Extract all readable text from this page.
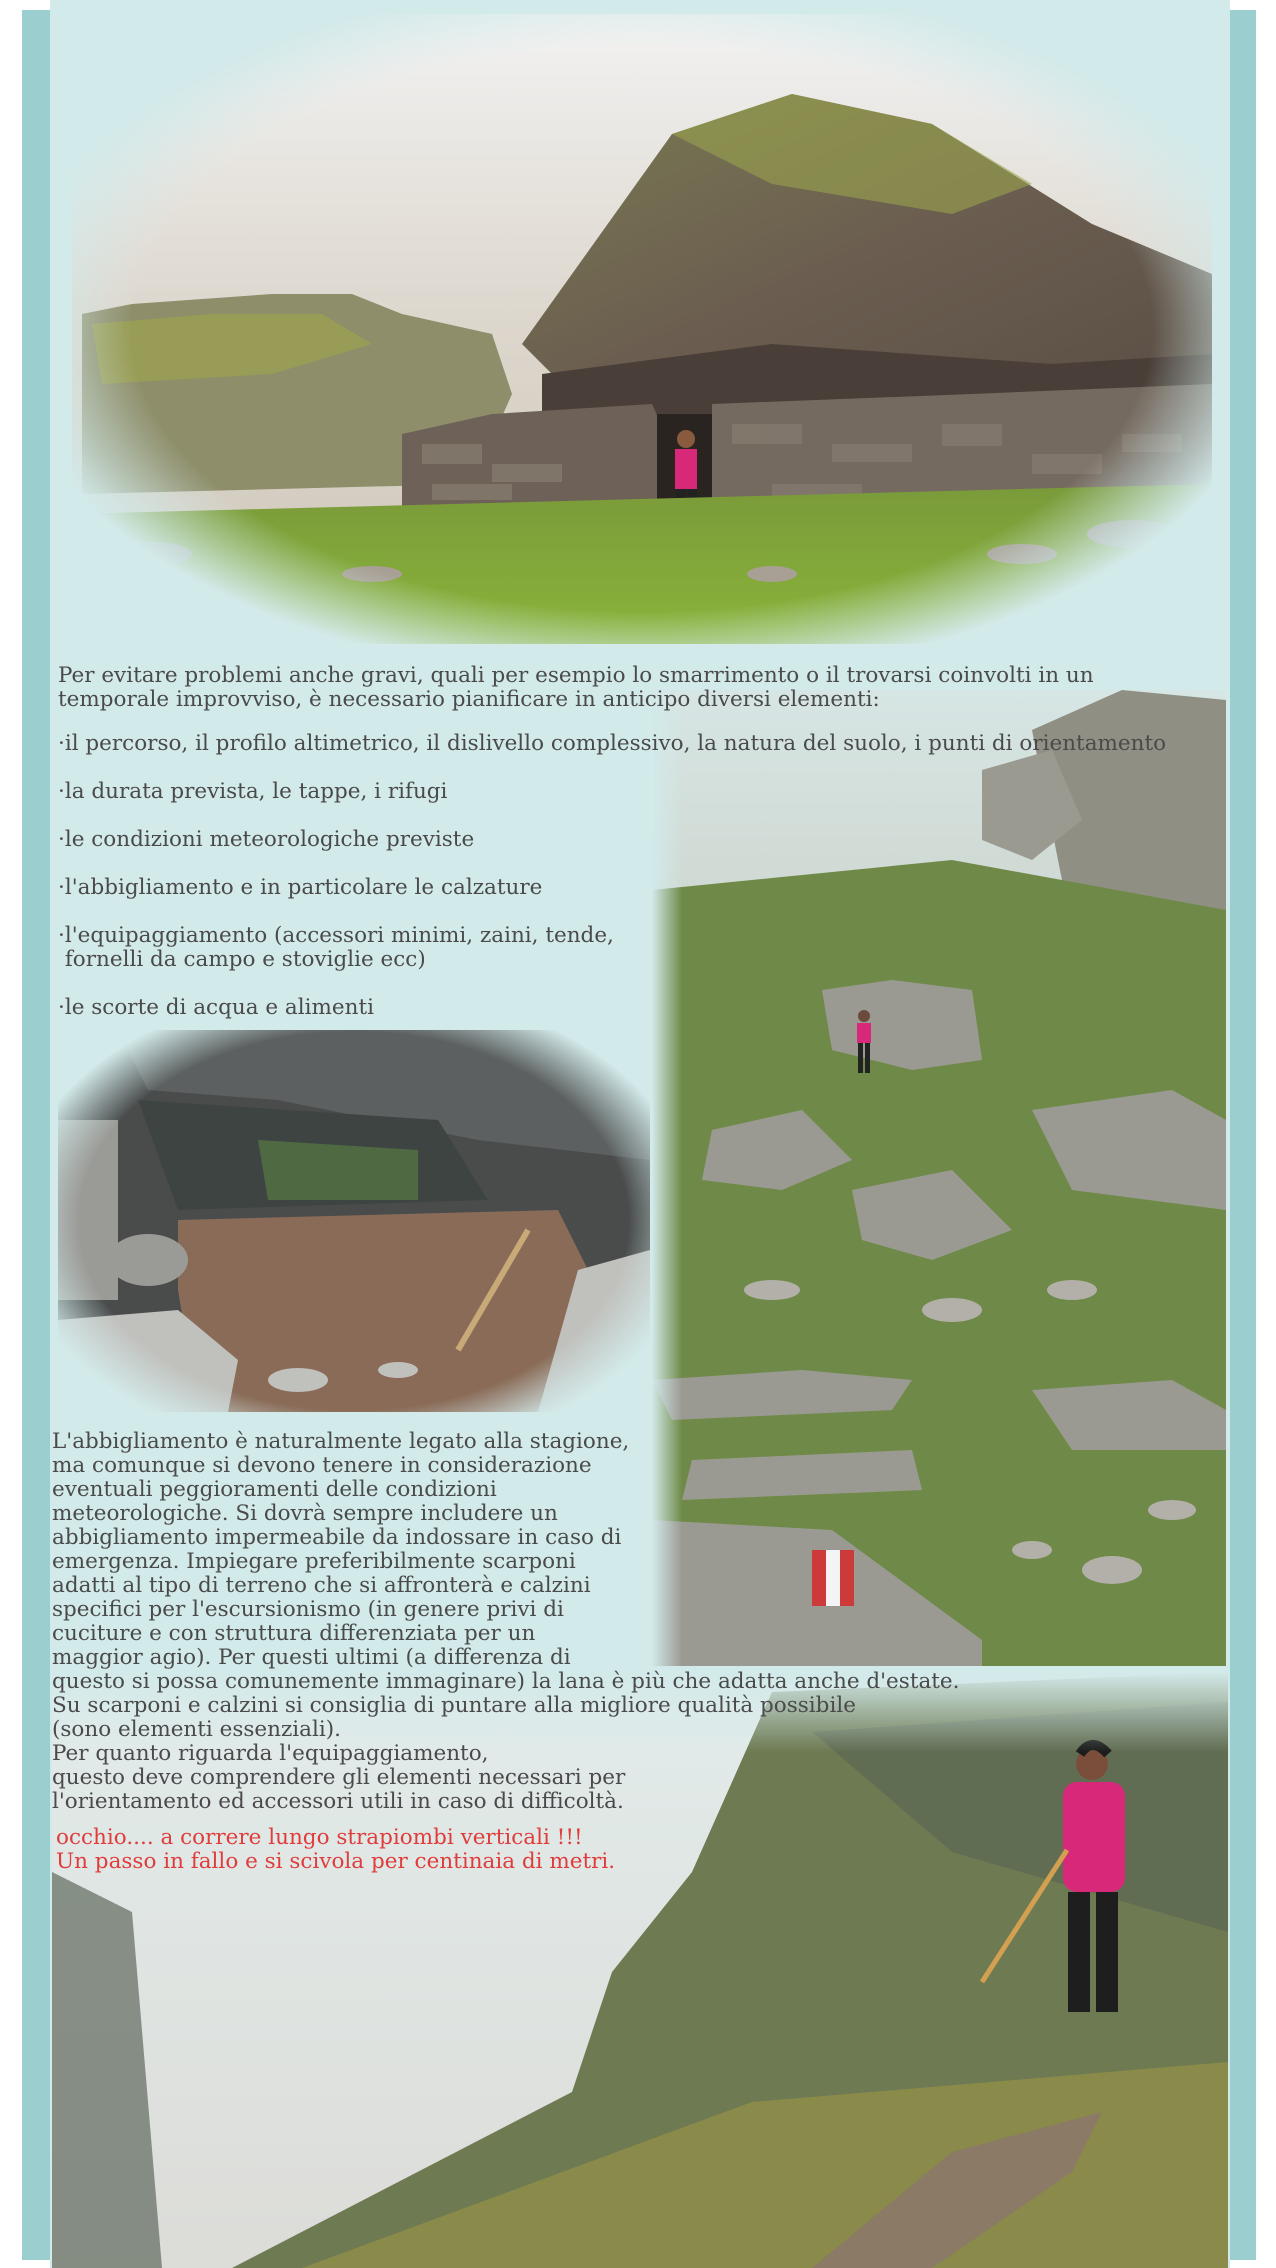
Per evitare problemi anche gravi, quali per esempio lo smarrimento o il trovarsi coinvolti in un
temporale improvviso, è necessario pianificare in anticipo diversi elementi:
·il percorso, il profilo altimetrico, il dislivello complessivo, la natura del suolo, i punti di orientamento
·la durata prevista, le tappe, i rifugi
·le condizioni meteorologiche previste
·l'abbigliamento e in particolare le calzature
·l'equipaggiamento (accessori minimi, zaini, tende,
fornelli da campo e stoviglie ecc)
·le scorte di acqua e alimenti
L'abbigliamento è naturalmente legato alla stagione,
ma comunque si devono tenere in considerazione
eventuali peggioramenti delle condizioni
meteorologiche. Si dovrà sempre includere un
abbigliamento impermeabile da indossare in caso di
emergenza. Impiegare preferibilmente scarponi
adatti al tipo di terreno che si affronterà e calzini
specifici per l'escursionismo (in genere privi di
cuciture e con struttura differenziata per un
maggior agio). Per questi ultimi (a differenza di
questo si possa comunemente immaginare) la lana è più che adatta anche d'estate.
Su scarponi e calzini si consiglia di puntare alla migliore qualità possibile
(sono elementi essenziali).
Per quanto riguarda l'equipaggiamento,
questo deve comprendere gli elementi necessari per
l'orientamento ed accessori utili in caso di difficoltà.
occhio.... a correre lungo strapiombi verticali !!!
Un passo in fallo e si scivola per centinaia di metri.
